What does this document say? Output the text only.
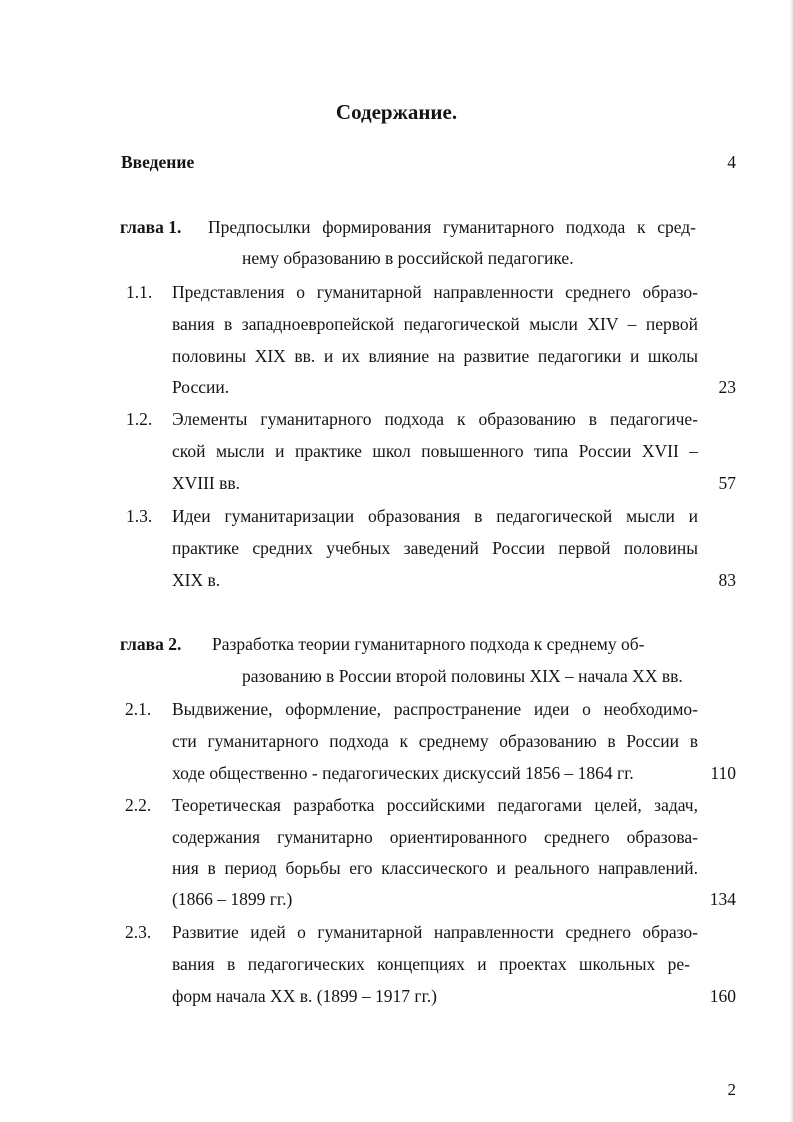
Содержание.
Введение	4
глава 1. Предпосылки формирования гуманитарного подхода к сред-
нему образованию в российской педагогике.
1.1. Представления о гуманитарной направленности среднего образо-
вания в западноевропейской педагогической мысли XIV – первой
половины XIX вв. и их влияние на развитие педагогики и школы
России.	23
1.2. Элементы гуманитарного подхода к образованию в педагогиче-
ской мысли и практике школ повышенного типа России XVII –
XVIII вв.	57
1.3. Идеи гуманитаризации образования в педагогической мысли и
практике средних учебных заведений России первой половины
XIX в.	83
глава 2. Разработка теории гуманитарного подхода к среднему об-
разованию в России второй половины XIX – начала XX вв.
2.1. Выдвижение, оформление, распространение идеи о необходимо-
сти гуманитарного подхода к среднему образованию в России в
ходе общественно - педагогических дискуссий 1856 – 1864 гг.	110
2.2. Теоретическая разработка российскими педагогами целей, задач,
содержания гуманитарно ориентированного среднего образова-
ния в период борьбы его классического и реального направлений.
(1866 – 1899 гг.)	134
2.3. Развитие идей о гуманитарной направленности среднего образо-
вания в педагогических концепциях и проектах школьных ре-
форм начала XX в. (1899 – 1917 гг.)	160
2
